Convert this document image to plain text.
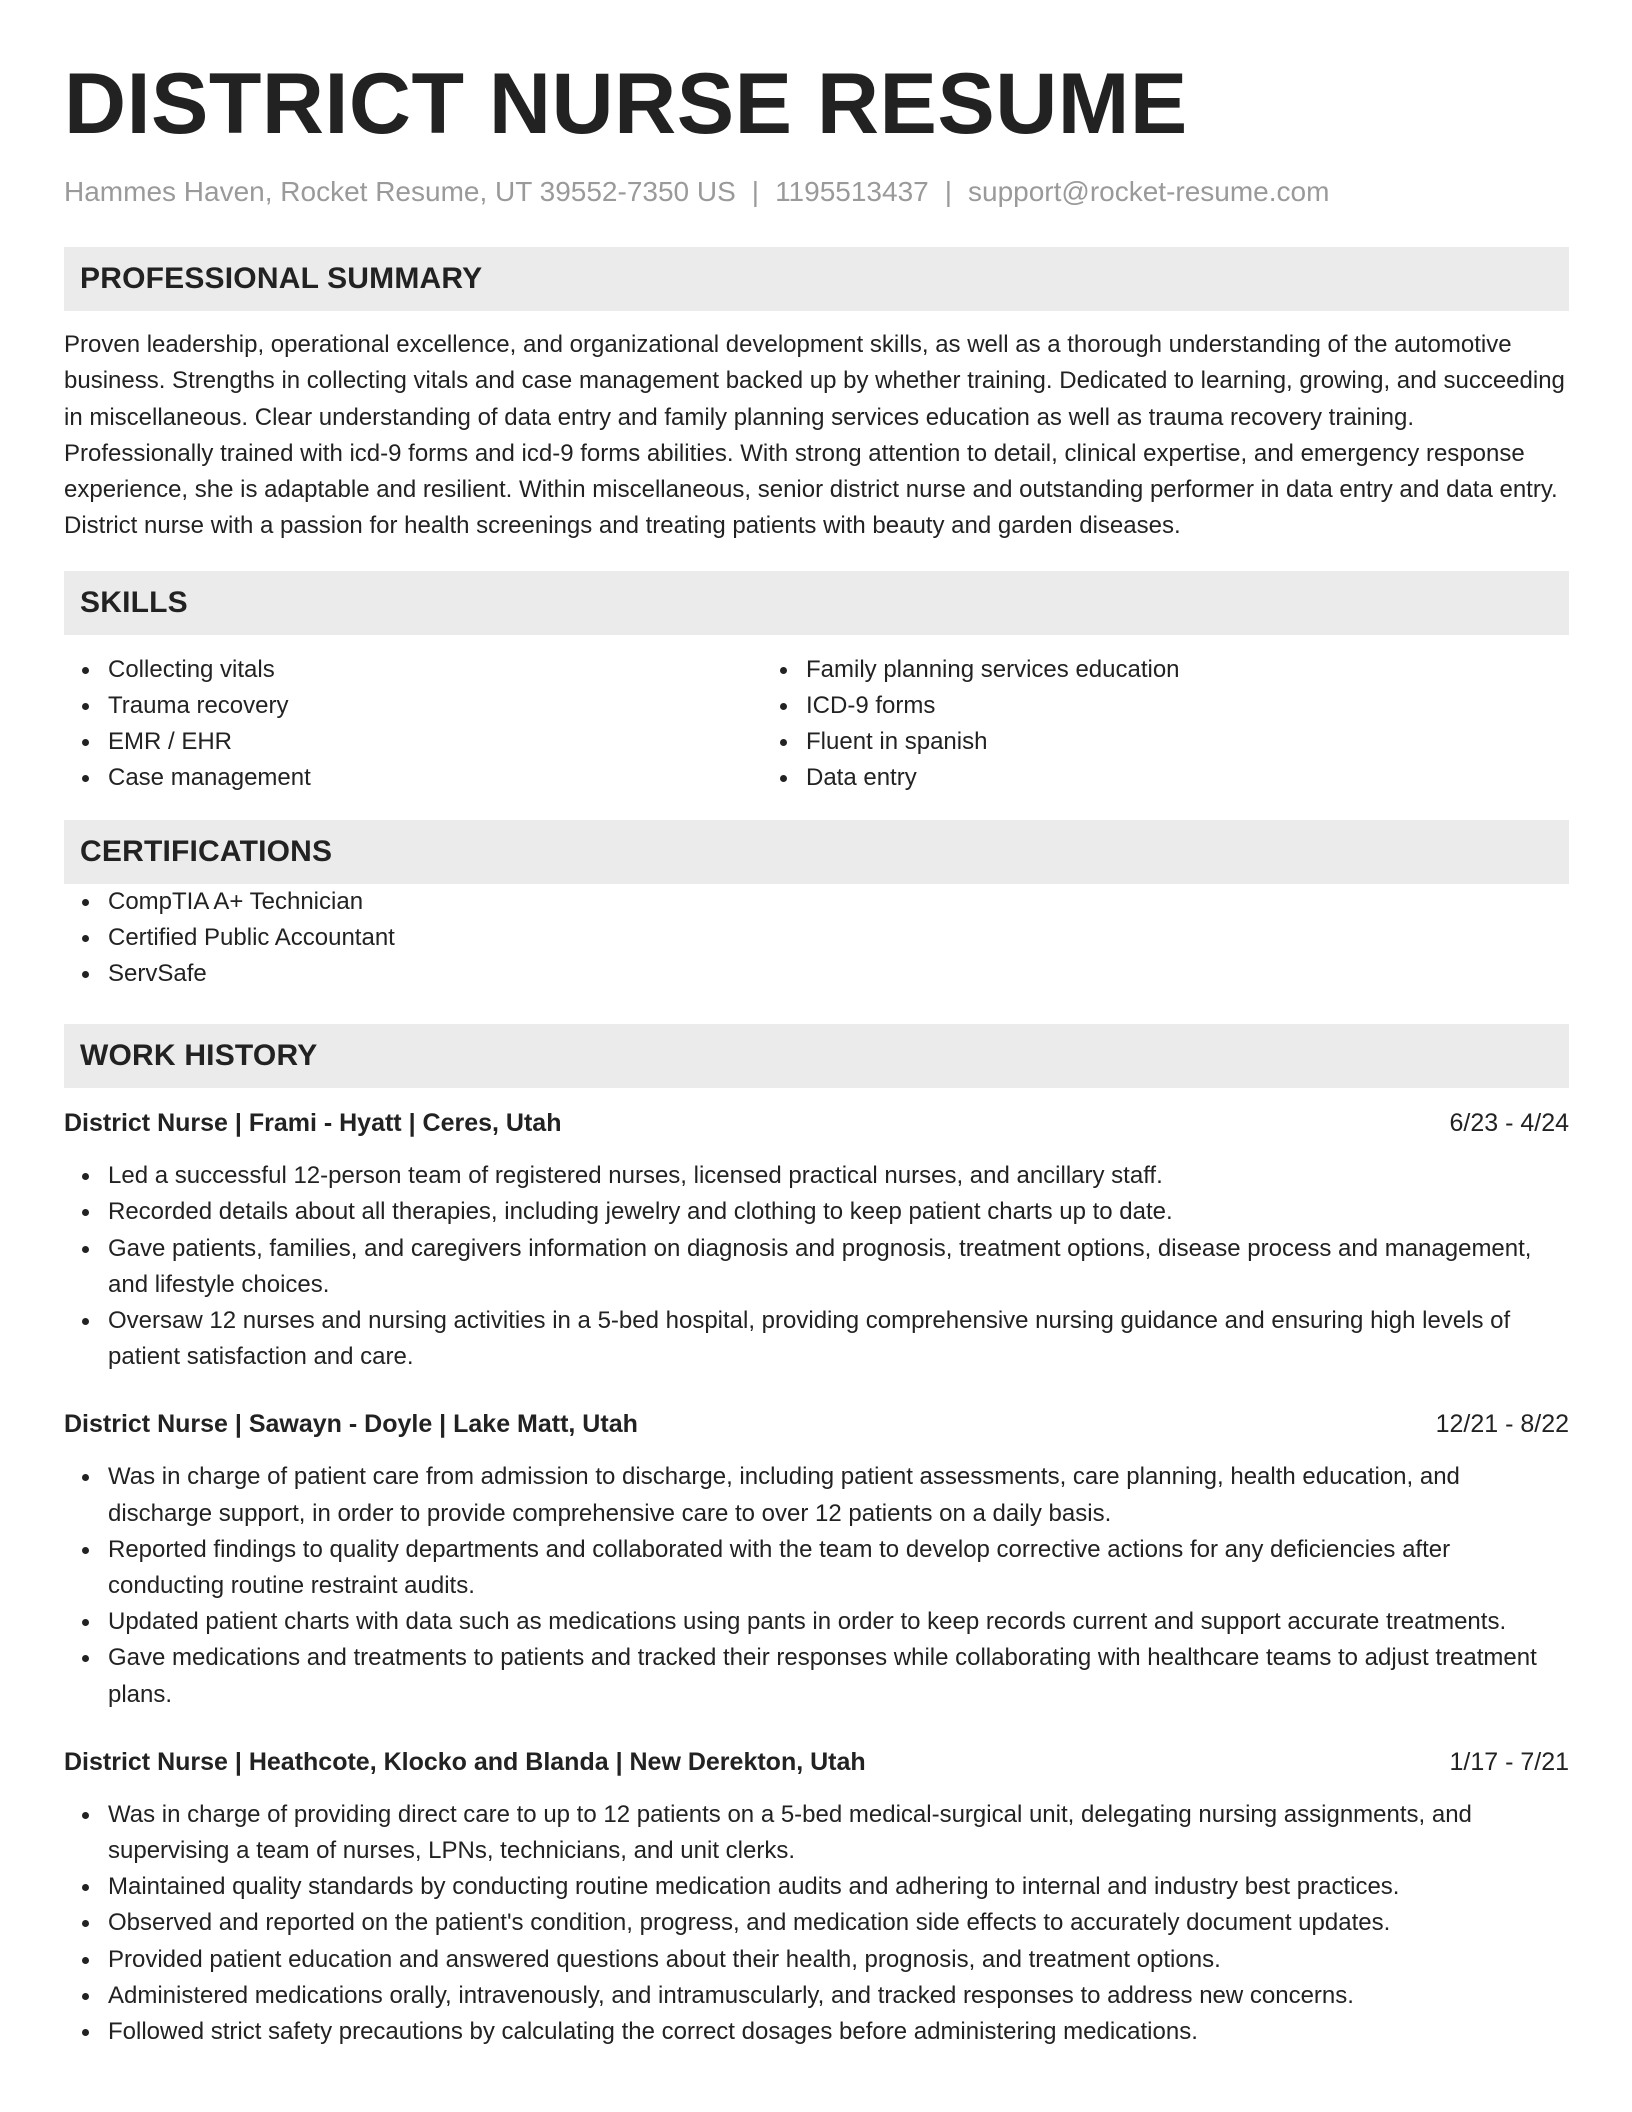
DISTRICT NURSE RESUME
Hammes Haven, Rocket Resume, UT 39552-7350 US | 1195513437 | support@rocket-resume.com
PROFESSIONAL SUMMARY

Proven leadership, operational excellence, and organizational development skills, as well as a thorough understanding of the automotive business. Strengths in collecting vitals and case management backed up by whether training. Dedicated to learning, growing, and succeeding in miscellaneous. Clear understanding of data entry and family planning services education as well as trauma recovery training. Professionally trained with icd-9 forms and icd-9 forms abilities. With strong attention to detail, clinical expertise, and emergency response experience, she is adaptable and resilient. Within miscellaneous, senior district nurse and outstanding performer in data entry and data entry. District nurse with a passion for health screenings and treating patients with beauty and garden diseases.

SKILLS
Collecting vitals
Trauma recovery
EMR / EHR
Case management
Family planning services education
ICD-9 forms
Fluent in spanish
Data entry
CERTIFICATIONS
CompTIA A+ Technician
Certified Public Accountant
ServSafe
WORK HISTORY
District Nurse | Frami - Hyatt | Ceres, Utah	6/23 - 4/24
Led a successful 12-person team of registered nurses, licensed practical nurses, and ancillary staff.
Recorded details about all therapies, including jewelry and clothing to keep patient charts up to date.
Gave patients, families, and caregivers information on diagnosis and prognosis, treatment options, disease process and management, and lifestyle choices.
Oversaw 12 nurses and nursing activities in a 5-bed hospital, providing comprehensive nursing guidance and ensuring high levels of patient satisfaction and care.
District Nurse | Sawayn - Doyle | Lake Matt, Utah	12/21 - 8/22
Was in charge of patient care from admission to discharge, including patient assessments, care planning, health education, and discharge support, in order to provide comprehensive care to over 12 patients on a daily basis.
Reported findings to quality departments and collaborated with the team to develop corrective actions for any deficiencies after conducting routine restraint audits.
Updated patient charts with data such as medications using pants in order to keep records current and support accurate treatments.
Gave medications and treatments to patients and tracked their responses while collaborating with healthcare teams to adjust treatment plans.
District Nurse | Heathcote, Klocko and Blanda | New Derekton, Utah	1/17 - 7/21
Was in charge of providing direct care to up to 12 patients on a 5-bed medical-surgical unit, delegating nursing assignments, and supervising a team of nurses, LPNs, technicians, and unit clerks.
Maintained quality standards by conducting routine medication audits and adhering to internal and industry best practices.
Observed and reported on the patient's condition, progress, and medication side effects to accurately document updates.
Provided patient education and answered questions about their health, prognosis, and treatment options.
Administered medications orally, intravenously, and intramuscularly, and tracked responses to address new concerns.
Followed strict safety precautions by calculating the correct dosages before administering medications.
